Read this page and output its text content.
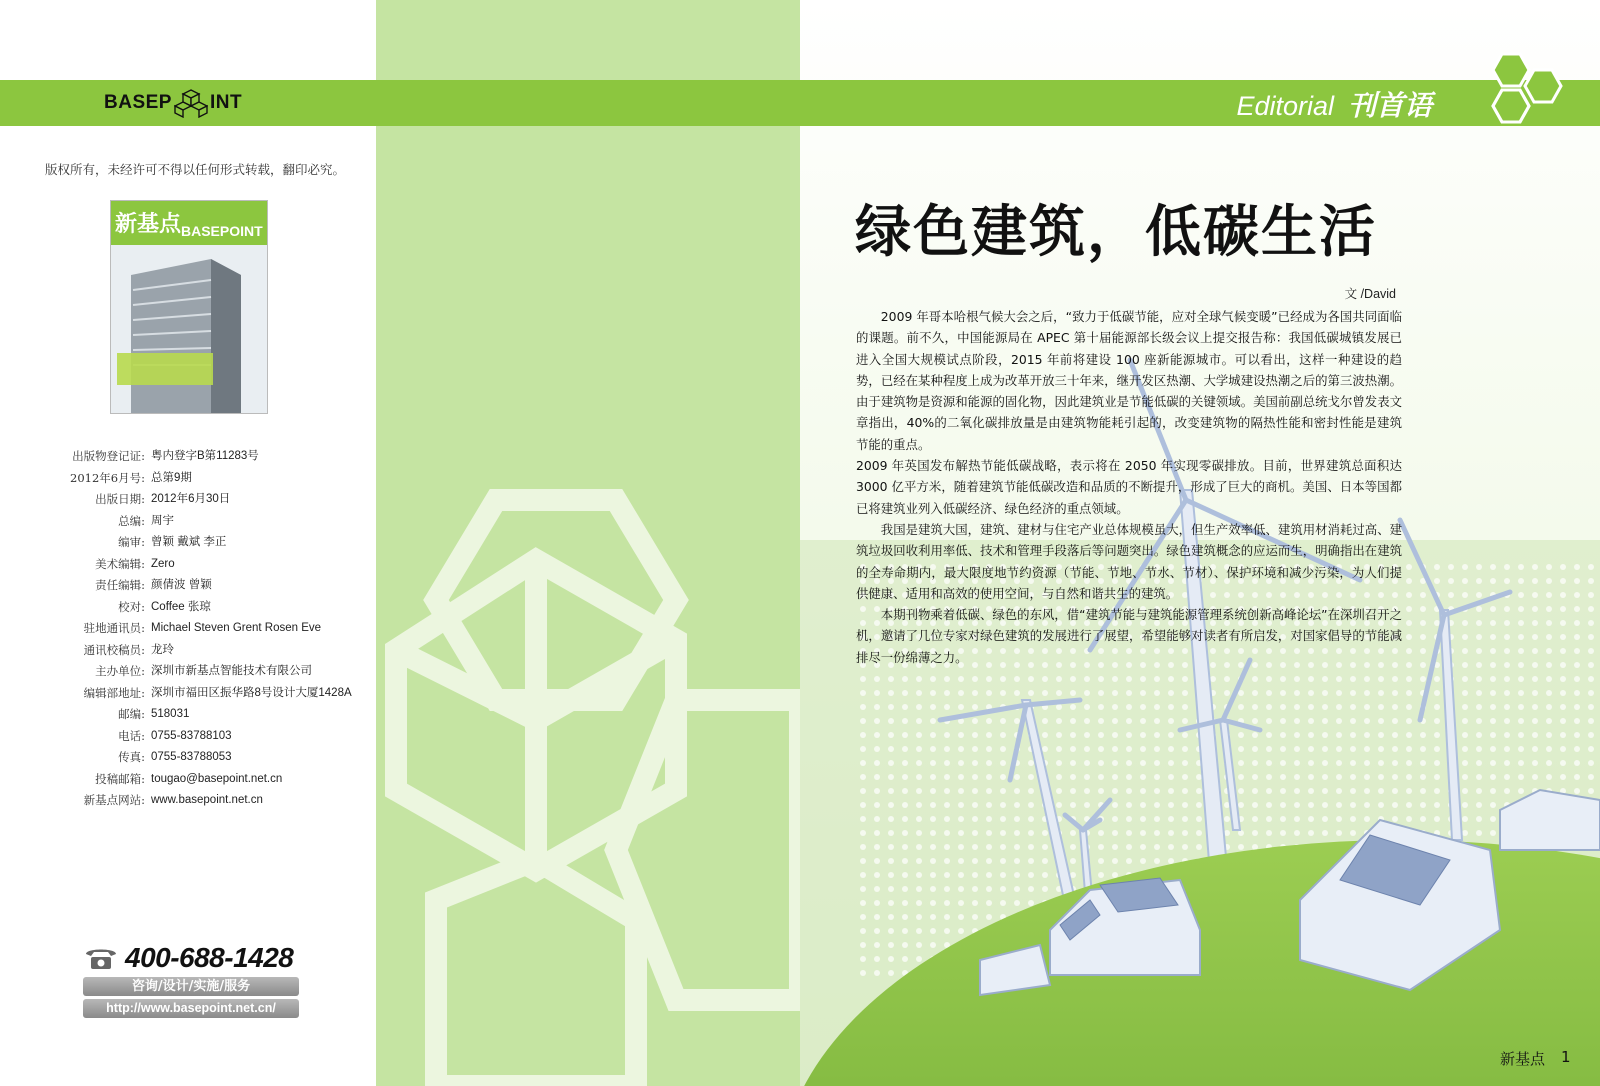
BASEP INT	Editorial 刊首语
版权所有，未经许可不得以任何形式转载，翻印必究。
新基点 BASEPOINT
出版物登记证: 粤内登字B第11283号
2012年6月号: 总第9期
出版日期: 2012年6月30日
总编: 周宇
编审: 曾颖 戴斌 李正
美术编辑: Zero
责任编辑: 颜倩波 曾颖
校对: Coffee 张琼
驻地通讯员: Michael Steven Grent Rosen Eve
通讯校稿员: 龙玲
主办单位: 深圳市新基点智能技术有限公司
编辑部地址: 深圳市福田区振华路8号设计大厦1428A
邮编: 518031
电话: 0755-83788103
传真: 0755-83788053
投稿邮箱: tougao@basepoint.net.cn
新基点网站: www.basepoint.net.cn
400-688-1428
咨询/设计/实施/服务
http://www.basepoint.net.cn/
绿色建筑，低碳生活
文 /David

2009 年哥本哈根气候大会之后，“致力于低碳节能，应对全球气候变暖”已经成为各国共同面临的课题。前不久，中国能源局在 APEC 第十届能源部长级会议上提交报告称：我国低碳城镇发展已进入全国大规模试点阶段，2015 年前将建设 100 座新能源城市。可以看出，这样一种建设的趋势，已经在某种程度上成为改革开放三十年来，继开发区热潮、大学城建设热潮之后的第三波热潮。由于建筑物是资源和能源的固化物，因此建筑业是节能低碳的关键领域。美国前副总统戈尔曾发表文章指出，40%的二氧化碳排放量是由建筑物能耗引起的，改变建筑物的隔热性能和密封性能是建筑节能的重点。

2009 年英国发布解热节能低碳战略，表示将在 2050 年实现零碳排放。目前，世界建筑总面积达 3000 亿平方米，随着建筑节能低碳改造和品质的不断提升，形成了巨大的商机。美国、日本等国都已将建筑业列入低碳经济、绿色经济的重点领域。

我国是建筑大国，建筑、建材与住宅产业总体规模虽大，但生产效率低、建筑用材消耗过高、建筑垃圾回收利用率低、技术和管理手段落后等问题突出。绿色建筑概念的应运而生，明确指出在建筑的全寿命期内，最大限度地节约资源（节能、节地、节水、节材）、保护环境和减少污染，为人们提供健康、适用和高效的使用空间，与自然和谐共生的建筑。

本期刊物乘着低碳、绿色的东风，借“建筑节能与建筑能源管理系统创新高峰论坛”在深圳召开之机，邀请了几位专家对绿色建筑的发展进行了展望，希望能够对读者有所启发，对国家倡导的节能减排尽一份绵薄之力。

新基点 1
